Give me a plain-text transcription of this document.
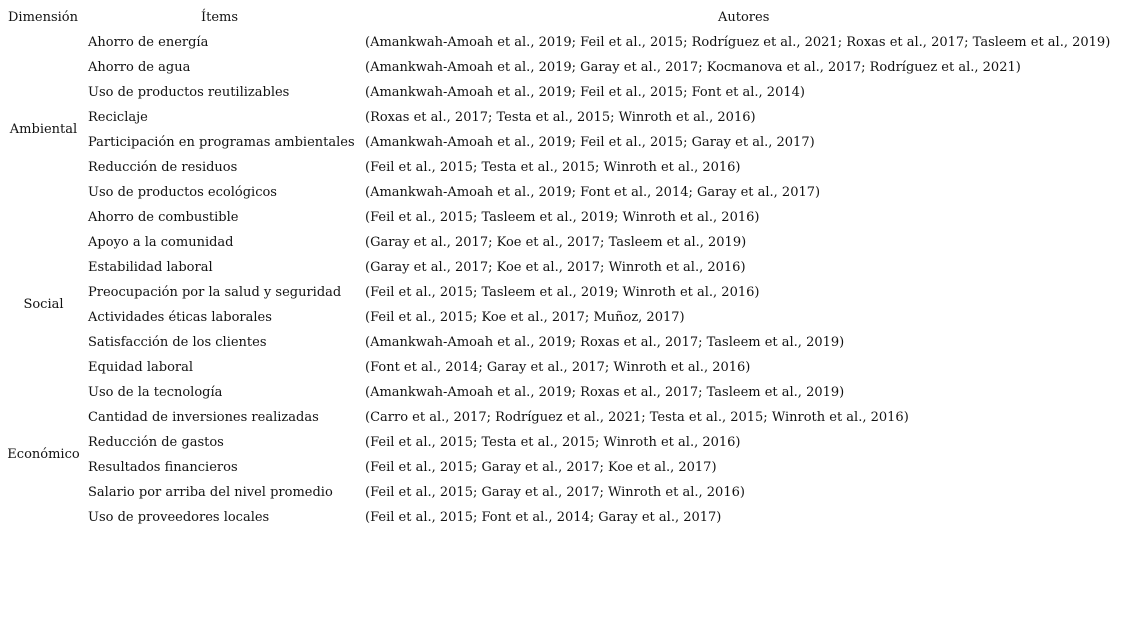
Dimensión	Ítems	Autores
Ambiental
Ahorro de energía	(Amankwah-Amoah et al., 2019; Feil et al., 2015; Rodríguez et al., 2021; Roxas et al., 2017; Tasleem et al., 2019)
Ahorro de agua	(Amankwah-Amoah et al., 2019; Garay et al., 2017; Kocmanova et al., 2017; Rodríguez et al., 2021)
Uso de productos reutilizables	(Amankwah-Amoah et al., 2019; Feil et al., 2015; Font et al., 2014)
Reciclaje	(Roxas et al., 2017; Testa et al., 2015; Winroth et al., 2016)
Participación en programas ambientales (Amankwah-Amoah et al., 2019; Feil et al., 2015; Garay et al., 2017)
Reducción de residuos	(Feil et al., 2015; Testa et al., 2015; Winroth et al., 2016)
Uso de productos ecológicos	(Amankwah-Amoah et al., 2019; Font et al., 2014; Garay et al., 2017)
Ahorro de combustible	(Feil et al., 2015; Tasleem et al., 2019; Winroth et al., 2016)
Social
Apoyo a la comunidad	(Garay et al., 2017; Koe et al., 2017; Tasleem et al., 2019)
Estabilidad laboral	(Garay et al., 2017; Koe et al., 2017; Winroth et al., 2016)
Preocupación por la salud y seguridad	(Feil et al., 2015; Tasleem et al., 2019; Winroth et al., 2016)
Actividades éticas laborales	(Feil et al., 2015; Koe et al., 2017; Muñoz, 2017)
Satisfacción de los clientes	(Amankwah-Amoah et al., 2019; Roxas et al., 2017; Tasleem et al., 2019)
Equidad laboral	(Font et al., 2014; Garay et al., 2017; Winroth et al., 2016)
Económico
Uso de la tecnología	(Amankwah-Amoah et al., 2019; Roxas et al., 2017; Tasleem et al., 2019)
Cantidad de inversiones realizadas	(Carro et al., 2017; Rodríguez et al., 2021; Testa et al., 2015; Winroth et al., 2016)
Reducción de gastos	(Feil et al., 2015; Testa et al., 2015; Winroth et al., 2016)
Resultados financieros	(Feil et al., 2015; Garay et al., 2017; Koe et al., 2017)
Salario por arriba del nivel promedio	(Feil et al., 2015; Garay et al., 2017; Winroth et al., 2016)
Uso de proveedores locales	(Feil et al., 2015; Font et al., 2014; Garay et al., 2017)
